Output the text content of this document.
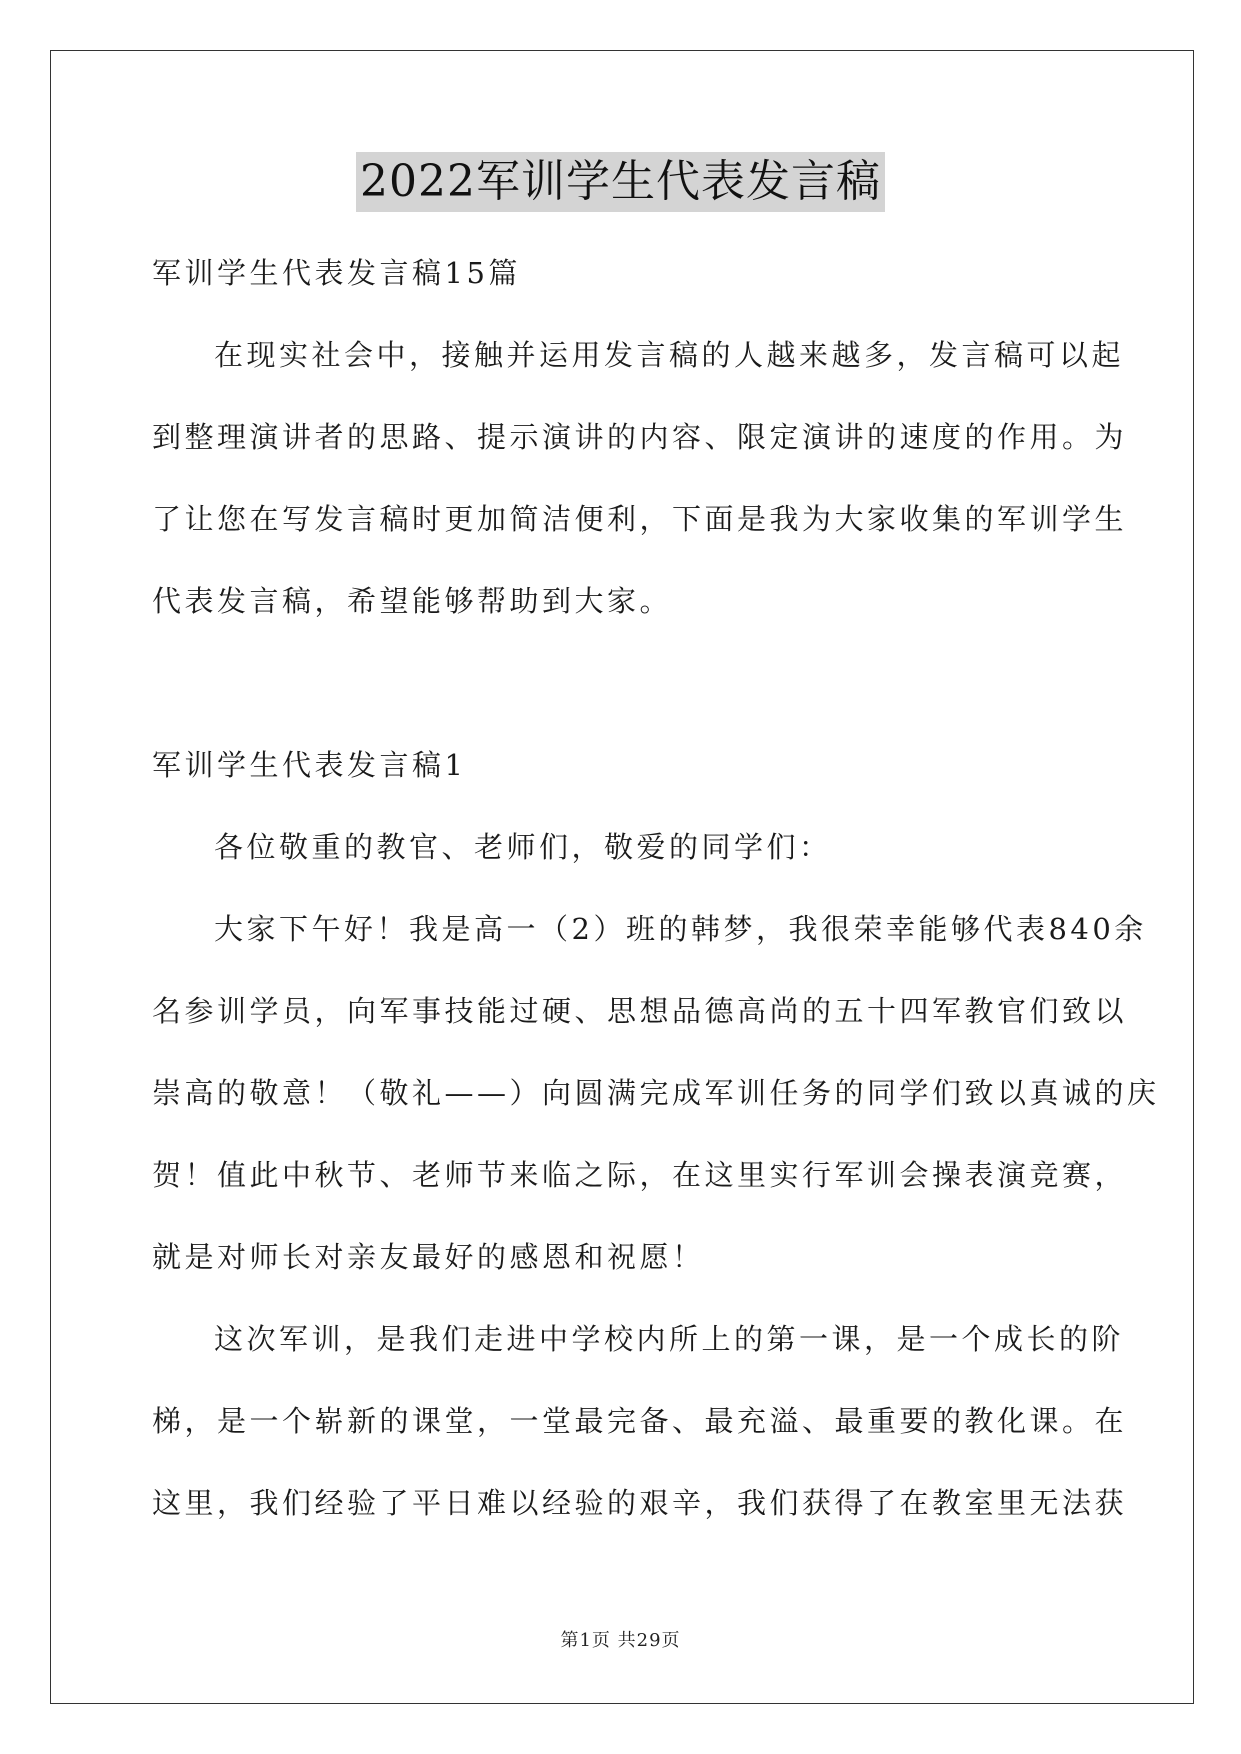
2022军训学生代表发言稿
军训学生代表发言稿15篇
在现实社会中，接触并运用发言稿的人越来越多，发言稿可以起
到整理演讲者的思路、提示演讲的内容、限定演讲的速度的作用。为
了让您在写发言稿时更加简洁便利，下面是我为大家收集的军训学生
代表发言稿，希望能够帮助到大家。
军训学生代表发言稿1
各位敬重的教官、老师们，敬爱的同学们：
大家下午好！我是高一（2）班的韩梦，我很荣幸能够代表840余
名参训学员，向军事技能过硬、思想品德高尚的五十四军教官们致以
崇高的敬意！（敬礼——）向圆满完成军训任务的同学们致以真诚的庆
贺！值此中秋节、老师节来临之际，在这里实行军训会操表演竞赛，
就是对师长对亲友最好的感恩和祝愿！
这次军训，是我们走进中学校内所上的第一课，是一个成长的阶
梯，是一个崭新的课堂，一堂最完备、最充溢、最重要的教化课。在
这里，我们经验了平日难以经验的艰辛，我们获得了在教室里无法获
第1页 共29页
